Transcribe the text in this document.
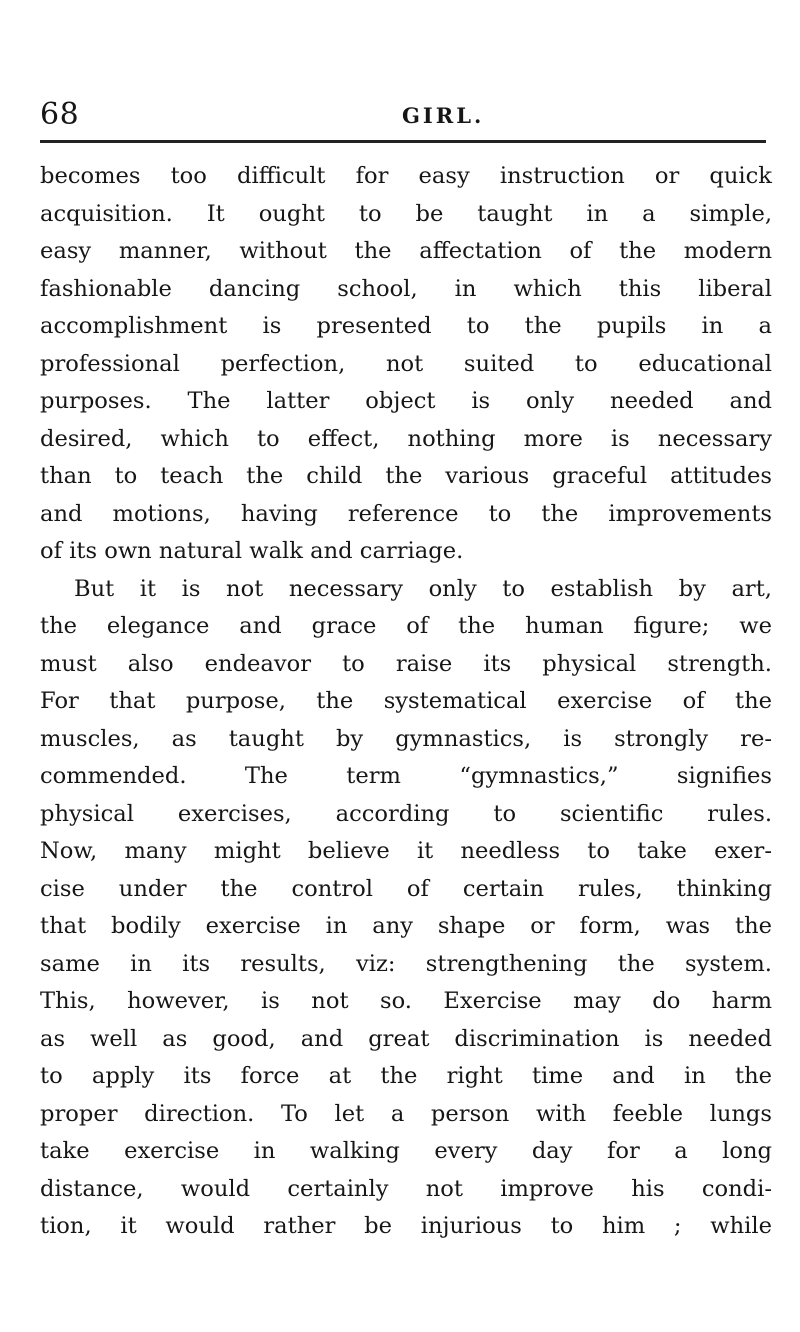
68	GIRL.
becomes too difficult for easy instruction or quick
acquisition. It ought to be taught in a simple,
easy manner, without the affectation of the modern
fashionable dancing school, in which this liberal
accomplishment is presented to the pupils in a
professional perfection, not suited to educational
purposes. The latter object is only needed and
desired, which to effect, nothing more is necessary
than to teach the child the various graceful attitudes
and motions, having reference to the improvements
of its own natural walk and carriage.
But it is not necessary only to establish by art,
the elegance and grace of the human figure; we
must also endeavor to raise its physical strength.
For that purpose, the systematical exercise of the
muscles, as taught by gymnastics, is strongly re-
commended. The term “gymnastics,” signifies
physical exercises, according to scientific rules.
Now, many might believe it needless to take exer-
cise under the control of certain rules, thinking
that bodily exercise in any shape or form, was the
same in its results, viz: strengthening the system.
This, however, is not so. Exercise may do harm
as well as good, and great discrimination is needed
to apply its force at the right time and in the
proper direction. To let a person with feeble lungs
take exercise in walking every day for a long
distance, would certainly not improve his condi-
tion, it would rather be injurious to him ; while
